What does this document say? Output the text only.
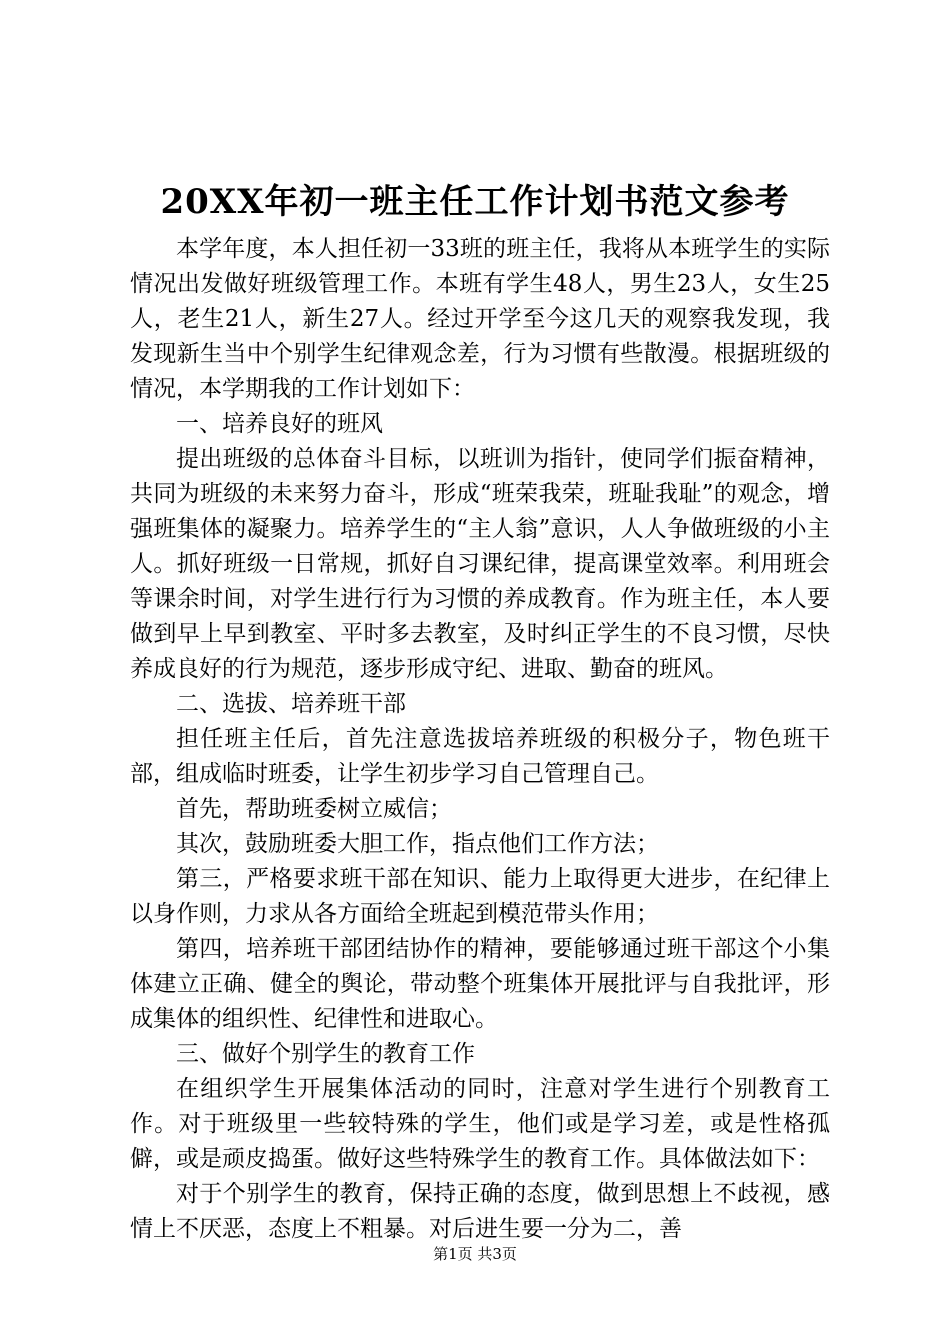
20XX年初一班主任工作计划书范文参考

本学年度，本人担任初一33班的班主任，我将从本班学生的实际情况出发做好班级管理工作。本班有学生48人，男生23人，女生25人，老生21人，新生27人。经过开学至今这几天的观察我发现，我发现新生当中个别学生纪律观念差，行为习惯有些散漫。根据班级的情况，本学期我的工作计划如下：

一、培养良好的班风

提出班级的总体奋斗目标，以班训为指针，使同学们振奋精神，共同为班级的未来努力奋斗，形成“班荣我荣，班耻我耻”的观念，增强班集体的凝聚力。培养学生的“主人翁”意识，人人争做班级的小主人。抓好班级一日常规，抓好自习课纪律，提高课堂效率。利用班会等课余时间，对学生进行行为习惯的养成教育。作为班主任，本人要做到早上早到教室、平时多去教室，及时纠正学生的不良习惯，尽快养成良好的行为规范，逐步形成守纪、进取、勤奋的班风。

二、选拔、培养班干部

担任班主任后，首先注意选拔培养班级的积极分子，物色班干部，组成临时班委，让学生初步学习自己管理自己。

首先，帮助班委树立威信；

其次，鼓励班委大胆工作，指点他们工作方法；

第三，严格要求班干部在知识、能力上取得更大进步，在纪律上以身作则，力求从各方面给全班起到模范带头作用；

第四，培养班干部团结协作的精神，要能够通过班干部这个小集体建立正确、健全的舆论，带动整个班集体开展批评与自我批评，形成集体的组织性、纪律性和进取心。

三、做好个别学生的教育工作

在组织学生开展集体活动的同时，注意对学生进行个别教育工作。对于班级里一些较特殊的学生，他们或是学习差，或是性格孤僻，或是顽皮捣蛋。做好这些特殊学生的教育工作。具体做法如下：

对于个别学生的教育，保持正确的态度，做到思想上不歧视，感情上不厌恶，态度上不粗暴。对后进生要一分为二，善

第1页 共3页
